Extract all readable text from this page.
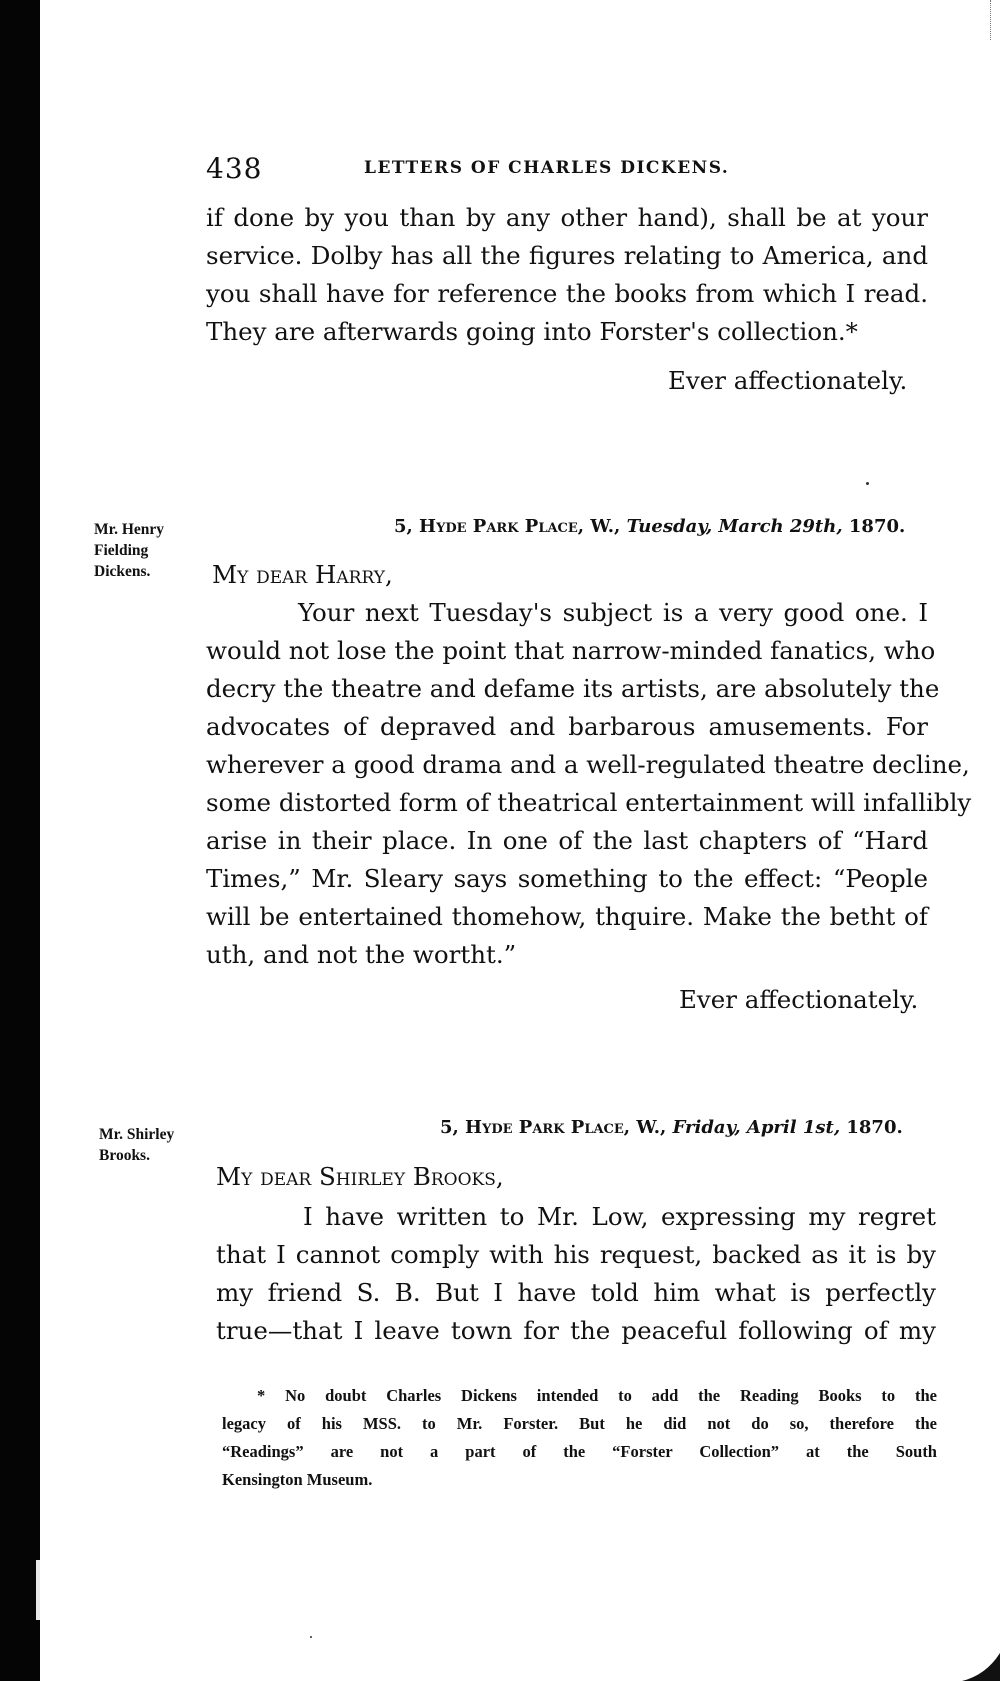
438	LETTERS OF CHARLES DICKENS.
if done by you than by any other hand), shall be at your
service. Dolby has all the figures relating to America, and
you shall have for reference the books from which I read.
They are afterwards going into Forster's collection.*
Ever affectionately.
Mr. Henry
Fielding
Dickens.
5, Hyde Park Place, W., Tuesday, March 29th, 1870.
My dear Harry,
Your next Tuesday's subject is a very good one. I
would not lose the point that narrow-minded fanatics, who
decry the theatre and defame its artists, are absolutely the
advocates of depraved and barbarous amusements. For
wherever a good drama and a well-regulated theatre decline,
some distorted form of theatrical entertainment will infallibly
arise in their place. In one of the last chapters of “Hard
Times,” Mr. Sleary says something to the effect: “People
will be entertained thomehow, thquire. Make the betht of
uth, and not the wortht.”
Ever affectionately.
Mr. Shirley
Brooks.
5, Hyde Park Place, W., Friday, April 1st, 1870.
My dear Shirley Brooks,
I have written to Mr. Low, expressing my regret
that I cannot comply with his request, backed as it is by
my friend S. B. But I have told him what is perfectly
true—that I leave town for the peaceful following of my
* No doubt Charles Dickens intended to add the Reading Books to the
legacy of his MSS. to Mr. Forster. But he did not do so, therefore the
“Readings” are not a part of the “Forster Collection” at the South
Kensington Museum.
